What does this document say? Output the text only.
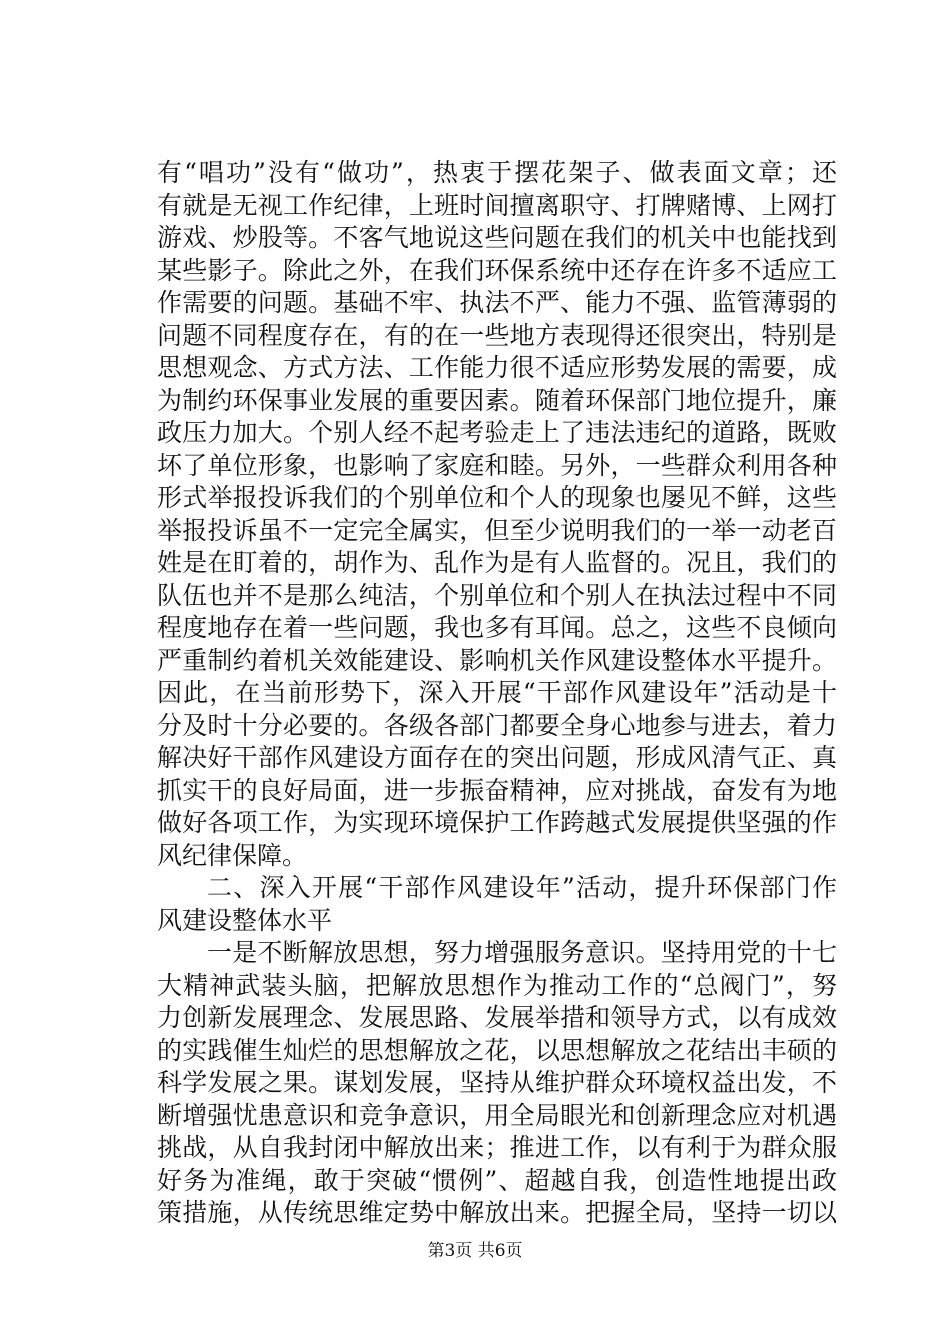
有“唱功”没有“做功”，热衷于摆花架子、做表面文章；还
有就是无视工作纪律，上班时间擅离职守、打牌赌博、上网打
游戏、炒股等。不客气地说这些问题在我们的机关中也能找到
某些影子。除此之外，在我们环保系统中还存在许多不适应工
作需要的问题。基础不牢、执法不严、能力不强、监管薄弱的
问题不同程度存在，有的在一些地方表现得还很突出，特别是
思想观念、方式方法、工作能力很不适应形势发展的需要，成
为制约环保事业发展的重要因素。随着环保部门地位提升，廉
政压力加大。个别人经不起考验走上了违法违纪的道路，既败
坏了单位形象，也影响了家庭和睦。另外，一些群众利用各种
形式举报投诉我们的个别单位和个人的现象也屡见不鲜，这些
举报投诉虽不一定完全属实，但至少说明我们的一举一动老百
姓是在盯着的，胡作为、乱作为是有人监督的。况且，我们的
队伍也并不是那么纯洁，个别单位和个别人在执法过程中不同
程度地存在着一些问题，我也多有耳闻。总之，这些不良倾向
严重制约着机关效能建设、影响机关作风建设整体水平提升。
因此，在当前形势下，深入开展“干部作风建设年”活动是十
分及时十分必要的。各级各部门都要全身心地参与进去，着力
解决好干部作风建设方面存在的突出问题，形成风清气正、真
抓实干的良好局面，进一步振奋精神，应对挑战，奋发有为地
做好各项工作，为实现环境保护工作跨越式发展提供坚强的作
风纪律保障。
二、深入开展“干部作风建设年”活动，提升环保部门作
风建设整体水平
一是不断解放思想，努力增强服务意识。坚持用党的十七
大精神武装头脑，把解放思想作为推动工作的“总阀门”，努
力创新发展理念、发展思路、发展举措和领导方式，以有成效
的实践催生灿烂的思想解放之花，以思想解放之花结出丰硕的
科学发展之果。谋划发展，坚持从维护群众环境权益出发，不
断增强忧患意识和竞争意识，用全局眼光和创新理念应对机遇
挑战，从自我封闭中解放出来；推进工作，以有利于为群众服
好务为准绳，敢于突破“惯例”、超越自我，创造性地提出政
策措施，从传统思维定势中解放出来。把握全局，坚持一切以
第3页 共6页
